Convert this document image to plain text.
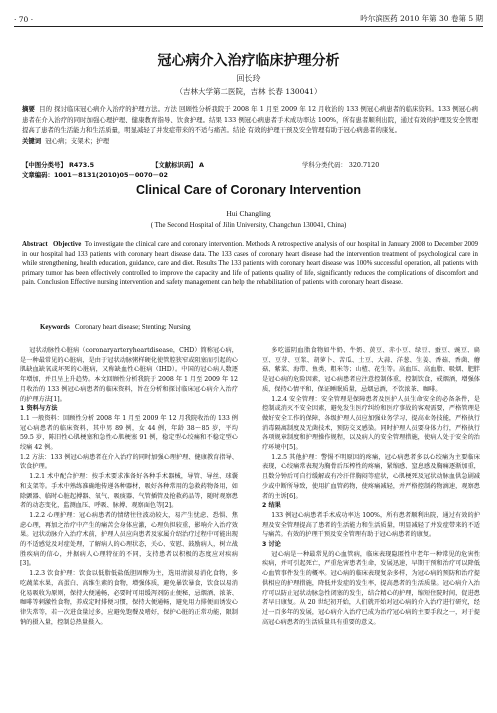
· 70 ·	吟尔滨医药 2010 年第 30 卷第 5 期
冠心病介入治疗临床护理分析
回长玲
（吉林大学第二医院，吉林 长春 130041）
摘要 目的 探讨临床冠心病介入治疗的护理方法。方法 回顾性分析我院于 2008 年 1 月至 2009 年 12 月收治的 133 例冠心病患者的临床资料。133 例冠心病患者在介入治疗的同时加强心理护理、健康教育指导、饮食护理。结果 133 例冠心病患者手术成功率达 100%，所有患者顺利出院，通过有效的护理及安全管理提高了患者的生活能力和生活质量，明显减轻了并发症带来的不适与痛苦。结论 有效的护理干预及安全管理有助于冠心病患者的康复。
关键词 冠心病；支架术；护理
【中图分类号】 R473.5	【文献标识码】 A	学科分类代码： 320.7120
文章编码：1001－8131(2010)05－0070－02
Clinical Care of Coronary Intervention
Hui Changling
( The Second Hospital of Jilin University, Changchun 130041, China)
Abstract Objective To investigate the clinical care and coronary intervention. Methods A retrospective analysis of our hospital in January 2008 to December 2009 in our hospital had 133 patients with coronary heart disease data. The 133 cases of coronary heart disease had the intervention treatment of psychological care in while strengthening, health education, guidance, care and diet. Results The 133 patients with coronary heart disease was 100% successful operation, all patients with primary tumor has been effectively controlled to improve the capacity and life of patients quality of life, significantly reduces the complications of discomfort and pain. Conclusion Effective nursing intervention and safety management can help the rehabilitation of patients with coronary heart disease.
Keywords Coronary heart disease; Stenting; Nursing

冠状动脉性心脏病（coronaryarteryheartdisease，CHD）简称冠心病，是一种最常见的心脏病，是由于冠状动脉粥样硬化使管腔狭窄或阻塞而引起的心肌缺血缺氧或坏死的心脏病，又称缺血性心脏病（IHD）。中国的冠心病人数逐年增加，并且呈上升趋势。本文回顾性分析我院于 2008 年 1 月至 2009 年 12 月收治的 133 例冠心病患者的临床资料，旨在分析和探讨临床冠心病介入治疗的护理方法[1]。

1 资料与方法
1.1 一般资料：回顾性分析 2008 年 1 月至 2009 年 12 月我院收治的 133 例冠心病患者的临床资料，其中男 89 例，女 44 例，年龄 38～85 岁，平均 59.5 岁，陈旧性心肌梗塞和急性心肌梗塞 91 例，稳定型心绞痛和不稳定型心绞痛 42 例。
1.2 方法：133 例冠心病患者在介入治疗的同时加强心理护理、健康教育指导、饮食护理。

1.2.1 术中配合护理：按手术要求准备好各种手术器械，导管、导丝、球囊和支架等。手术中熟练准确地传递各种器材，吸好各种常用的急救药物备用，如除颤器、临时心脏起搏器、氧气、吸痰器、气管插管及抢救药品等，随时观察患者的动态变化，监测血压、呼吸、脉搏、观察面色等[2]。

1.2.2 心理护理：冠心病患者的情绪往往波动较大，易产生忧虑、恐惧、焦虑心理，再加之治疗中产生的痛苦会身体应激，心理负担较重，影响介入治疗效果。冠状动脉介入治疗术前，护理人员应向患者及家属介绍治疗过程中可能出现的不适感觉及对症处理，了解病人的心理状态，关心、安慰、鼓励病人，树立战胜疾病的信心，并据病人心理特征的不同，支持患者以积极的态度应对疾病[3]。

1.2.3 饮食护理：饮食以低脂低盐低胆固醇为主，选用清淡易消化食物，多吃蔬菜水果，高蛋白、高维生素的食物，增强体质，避免暴饮暴食，饮食以易消化易吸收为原则，保持大便通畅，必要时可用缓泻剂防止便秘，忌烟酒、浓茶、咖啡等刺激性食物，养成定时排便习惯，保持大便通畅，避免用力排便而诱发心律失常等，若一次进食量过多，应避免饱餐及嗜好，保护心脏的正常功能，限制钠的摄入量，控制总热量摄入。

多吃滋阴血脂食物如牛奶、牛奶、黄豆、赤小豆、绿豆、蚕豆、豌豆、扁豆、豆芽、豆浆、胡萝卜、苦瓜、土豆、大蒜、洋葱、生姜、香菇、香菌、蘑菇、紫菜、海带、鱼类、粗米等；山楂、花生等。高血压、高血脂、吸烟、肥胖是冠心病的危险因素，冠心病患者应注意控制体重，控制饮食，戒烟酒，增强体质，保持心情平和，保证睡眠质量，忌烟忌酒，不饮浓茶、咖啡。

1.2.4 安全管理：安全管理是保障患者及医护人员生命安全的必备条件，是控制或消灭不安全因素，避免发生医疗纠纷和医疗事故的客观需要，严格管理是做好安全工作的保障，各级护理人员应加强业务学习，提高业务技能，严格执行消毒隔离制度及无菌技术，预防交叉感染。同时护理人员要身体力行，严格执行各项规章制度和护理操作规程，以及病人的安全管理措施，使病人处于安全的治疗环境中[5]。

1.2.5 其他护理：警惕不明原因的疼痛，冠心病患者多以心绞痛为主要临床表现，心绞痛常表现为胸骨后压榨性的疼痛，紧缩感、窒息感及胸痛逐渐加重，且数分钟后可自行缓解或有冷汗伴胸闷等症状，心肌梗死及冠状动脉血供急剧减少或中断所导致，使用扩血管药物，使疼痛减轻，并严格控制药物滴速，观察患者的主诉[6]。

2 结果

133 例冠心病患者手术成功率达 100%，所有患者顺利出院，通过有效的护理及安全管理提高了患者的生活能力和生活质量，明显减轻了并发症带来的不适与痛苦。有效的护理干预及安全管理有助于冠心病患者的康复。

3 讨论

冠心病是一种最常见的心血管病，临床表现隐匿性中老年一种常见的危害性疾病，并可引起死亡，严重危害患者生命，发展迅速，早期干预和治疗可以降低心血管事件发生的概率。冠心病的临床表现复杂多样，为冠心病的预防和治疗提供相应的护理措施，降低并发症的发生率，提高患者的生活质量。冠心病介入治疗可以防止冠状动脉急性闭塞的发生，结合精心的护理，缩短住院时间，促进患者早日康复。从 20 世纪初开始，人们就开始对冠心病的介入治疗进行研究，经过一百多年的发展，冠心病介入治疗已成为治疗冠心病的主要手段之一，对于提高冠心病患者的生活质量具有重要的意义。
